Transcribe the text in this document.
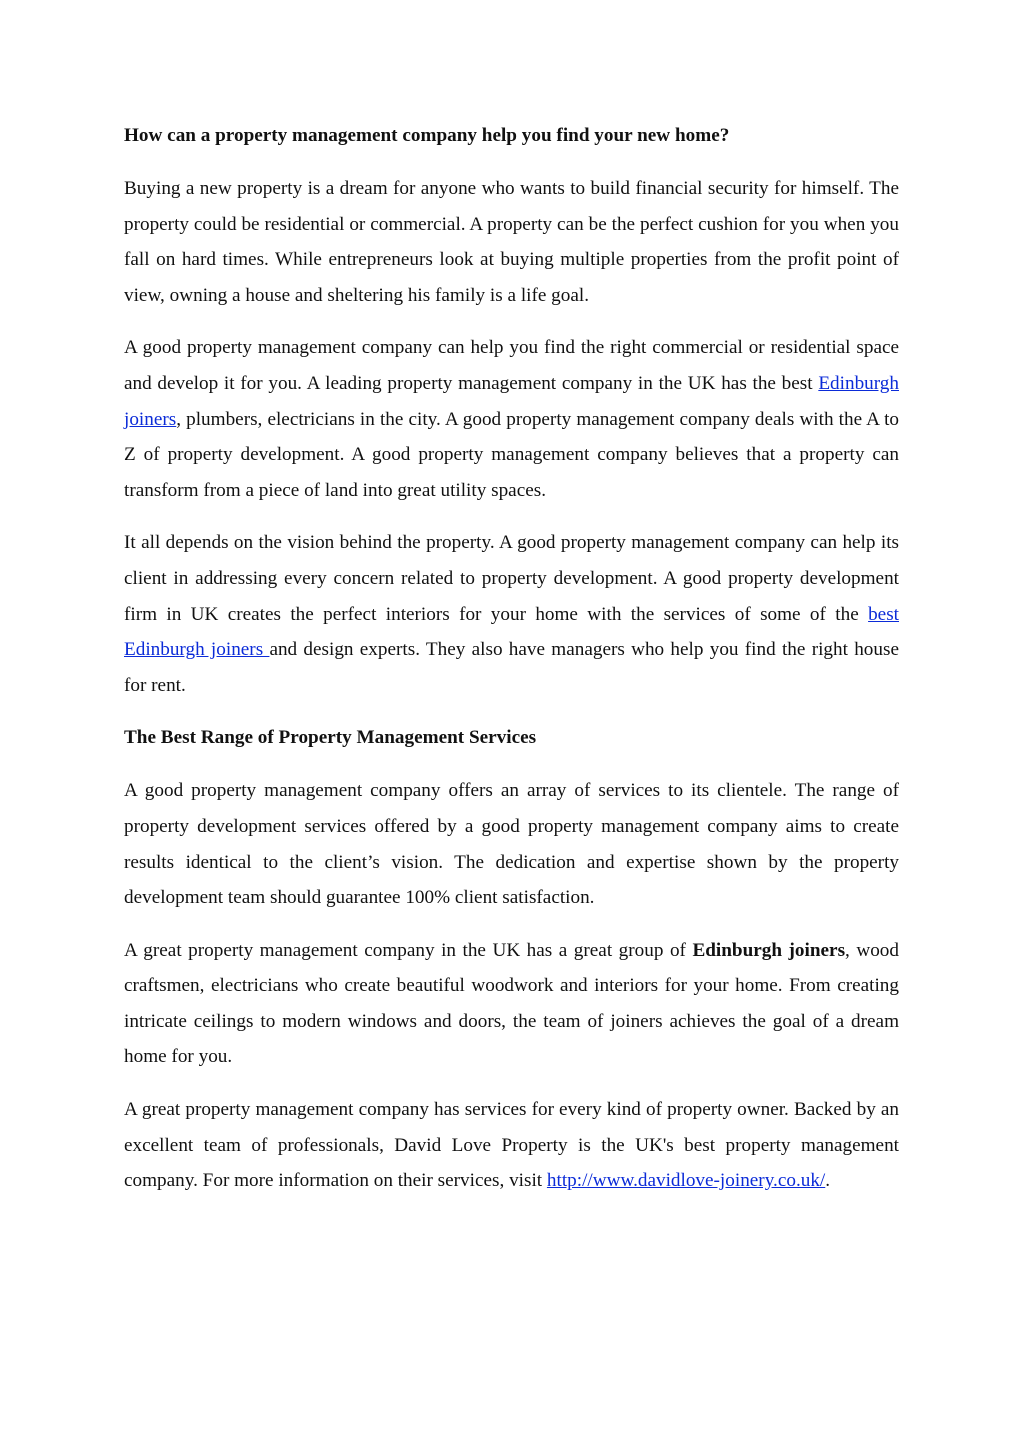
How can a property management company help you find your new home?

Buying a new property is a dream for anyone who wants to build financial security for himself. The property could be residential or commercial. A property can be the perfect cushion for you when you fall on hard times. While entrepreneurs look at buying multiple properties from the profit point of view, owning a house and sheltering his family is a life goal.

A good property management company can help you find the right commercial or residential space and develop it for you. A leading property management company in the UK has the best Edinburgh joiners, plumbers, electricians in the city. A good property management company deals with the A to Z of property development. A good property management company believes that a property can transform from a piece of land into great utility spaces.

It all depends on the vision behind the property. A good property management company can help its client in addressing every concern related to property development. A good property development firm in UK creates the perfect interiors for your home with the services of some of the best Edinburgh joiners and design experts. They also have managers who help you find the right house for rent.

The Best Range of Property Management Services

A good property management company offers an array of services to its clientele. The range of property development services offered by a good property management company aims to create results identical to the client’s vision. The dedication and expertise shown by the property development team should guarantee 100% client satisfaction.

A great property management company in the UK has a great group of Edinburgh joiners, wood craftsmen, electricians who create beautiful woodwork and interiors for your home. From creating intricate ceilings to modern windows and doors, the team of joiners achieves the goal of a dream home for you.

A great property management company has services for every kind of property owner. Backed by an excellent team of professionals, David Love Property is the UK's best property management company. For more information on their services, visit http://www.davidlove-joinery.co.uk/.
